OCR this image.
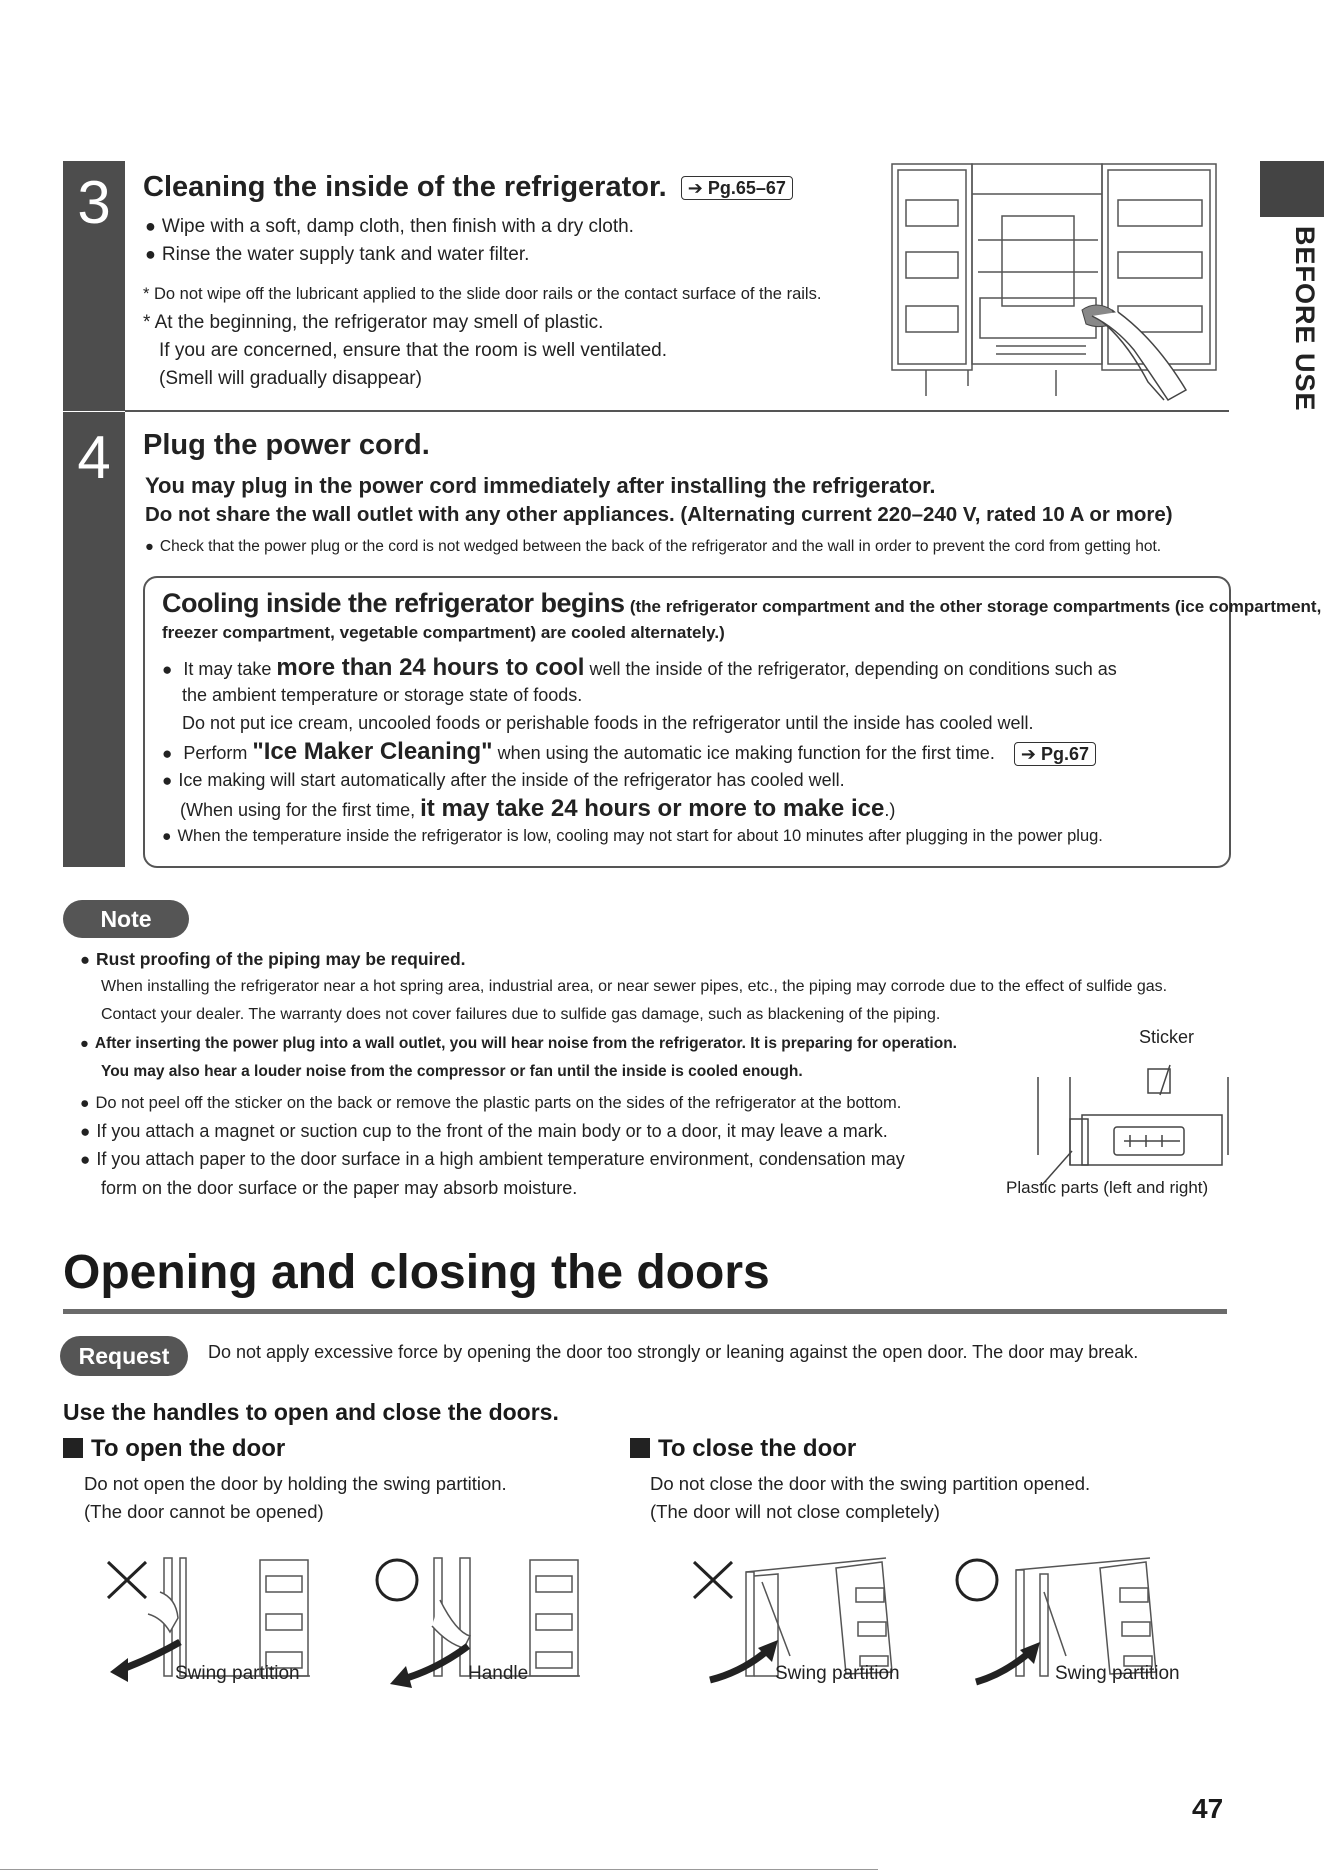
BEFORE USE
3	Cleaning the inside of the refrigerator. ➔ Pg.65–67
● Wipe with a soft, damp cloth, then finish with a dry cloth.
● Rinse the water supply tank and water filter.
* Do not wipe off the lubricant applied to the slide door rails or the contact surface of the rails.
* At the beginning, the refrigerator may smell of plastic.
If you are concerned, ensure that the room is well ventilated.
(Smell will gradually disappear)
4	Plug the power cord.
You may plug in the power cord immediately after installing the refrigerator.
Do not share the wall outlet with any other appliances. (Alternating current 220–240 V, rated 10 A or more)
● Check that the power plug or the cord is not wedged between the back of the refrigerator and the wall in order to prevent the cord from getting hot.
Cooling inside the refrigerator begins (the refrigerator compartment and the other storage compartments (ice compartment,
freezer compartment, vegetable compartment) are cooled alternately.)
● It may take more than 24 hours to cool well the inside of the refrigerator, depending on conditions such as
the ambient temperature or storage state of foods.
Do not put ice cream, uncooled foods or perishable foods in the refrigerator until the inside has cooled well.
● Perform "Ice Maker Cleaning" when using the automatic ice making function for the first time. ➔ Pg.67
● Ice making will start automatically after the inside of the refrigerator has cooled well.
(When using for the first time, it may take 24 hours or more to make ice.)
● When the temperature inside the refrigerator is low, cooling may not start for about 10 minutes after plugging in the power plug.
Note
● Rust proofing of the piping may be required.
When installing the refrigerator near a hot spring area, industrial area, or near sewer pipes, etc., the piping may corrode due to the effect of sulfide gas.
Contact your dealer. The warranty does not cover failures due to sulfide gas damage, such as blackening of the piping.
● After inserting the power plug into a wall outlet, you will hear noise from the refrigerator. It is preparing for operation.
You may also hear a louder noise from the compressor or fan until the inside is cooled enough.
● Do not peel off the sticker on the back or remove the plastic parts on the sides of the refrigerator at the bottom.
● If you attach a magnet or suction cup to the front of the main body or to a door, it may leave a mark.
● If you attach paper to the door surface in a high ambient temperature environment, condensation may
form on the door surface or the paper may absorb moisture.
Sticker
Plastic parts (left and right)
Opening and closing the doors
Request	Do not apply excessive force by opening the door too strongly or leaning against the open door. The door may break.
Use the handles to open and close the doors.
To open the door
Do not open the door by holding the swing partition.
(The door cannot be opened)
To close the door
Do not close the door with the swing partition opened.
(The door will not close completely)
Swing partition	Handle	Swing partition	Swing partition
47
